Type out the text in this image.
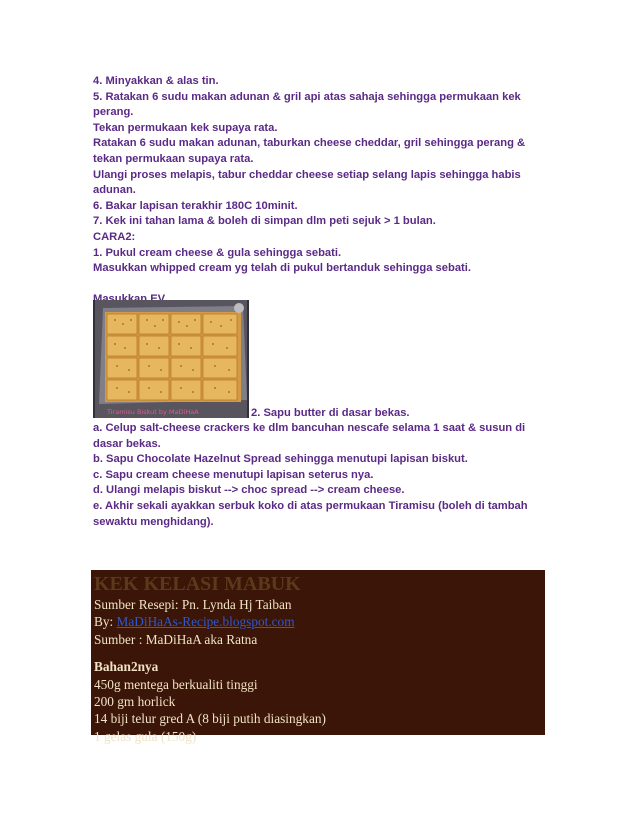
4. Minyakkan & alas tin.
5. Ratakan 6 sudu makan adunan & gril api atas sahaja sehingga permukaan kek
perang.
Tekan permukaan kek supaya rata.
Ratakan 6 sudu makan adunan, taburkan cheese cheddar, gril sehingga perang &
tekan permukaan supaya rata.
Ulangi proses melapis, tabur cheddar cheese setiap selang lapis sehingga habis
adunan.
6. Bakar lapisan terakhir 180C 10minit.
7. Kek ini tahan lama & boleh di simpan dlm peti sejuk > 1 bulan.
CARA2:
1. Pukul cream cheese & gula sehingga sebati.
Masukkan whipped cream yg telah di pukul bertanduk sehingga sebati.
Tiramisu Biskut by MaDiHaA	2. Sapu butter di dasar bekas.
a. Celup salt-cheese crackers ke dlm bancuhan nescafe selama 1 saat & susun di
dasar bekas.
b. Sapu Chocolate Hazelnut Spread sehingga menutupi lapisan biskut.
c. Sapu cream cheese menutupi lapisan seterus nya.
d. Ulangi melapis biskut --> choc spread --> cream cheese.
e. Akhir sekali ayakkan serbuk koko di atas permukaan Tiramisu (boleh di tambah
sewaktu menghidang).
KEK KELASI MABUK
Sumber Resepi: Pn. Lynda Hj Taiban
By: MaDiHaAs-Recipe.blogspot.com
Sumber : MaDiHaA aka Ratna
Bahan2nya
450g mentega berkualiti tinggi
200 gm horlick
14 biji telur gred A (8 biji putih diasingkan)
1 gelas gula (150g)
